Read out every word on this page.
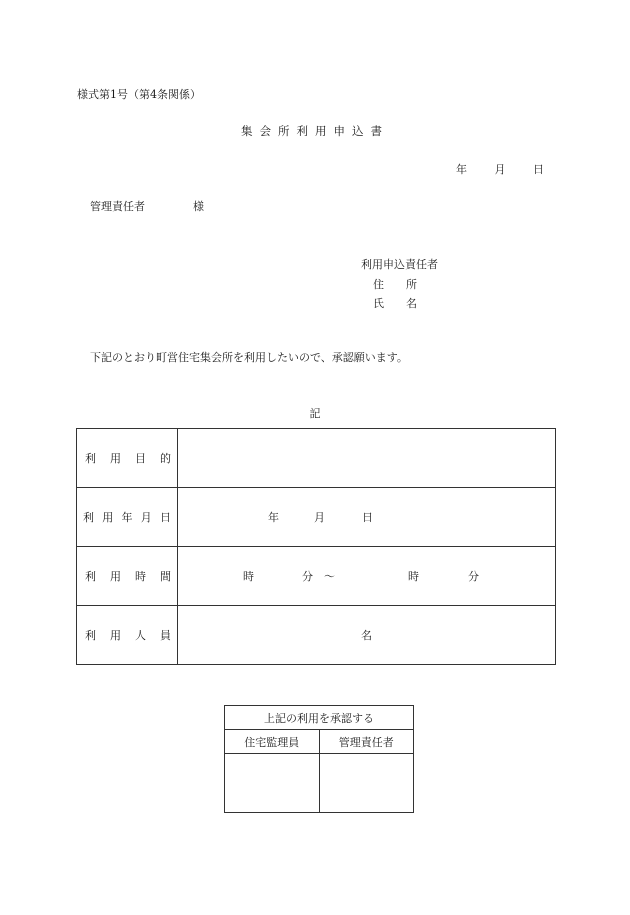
様式第1号（第4条関係）
集会所利用申込書
年	月	日
管理責任者	様
利用申込責任者
住 所
氏 名
下記のとおり町営住宅集会所を利用したいので、承認願います。
記
利 用 目 的	

利 用 年 月 日	年 月 日

利 用 時 間	時 分 〜 時 分

利 用 人 員	名
上記の利用を承認する	
住宅監理員	管理責任者
